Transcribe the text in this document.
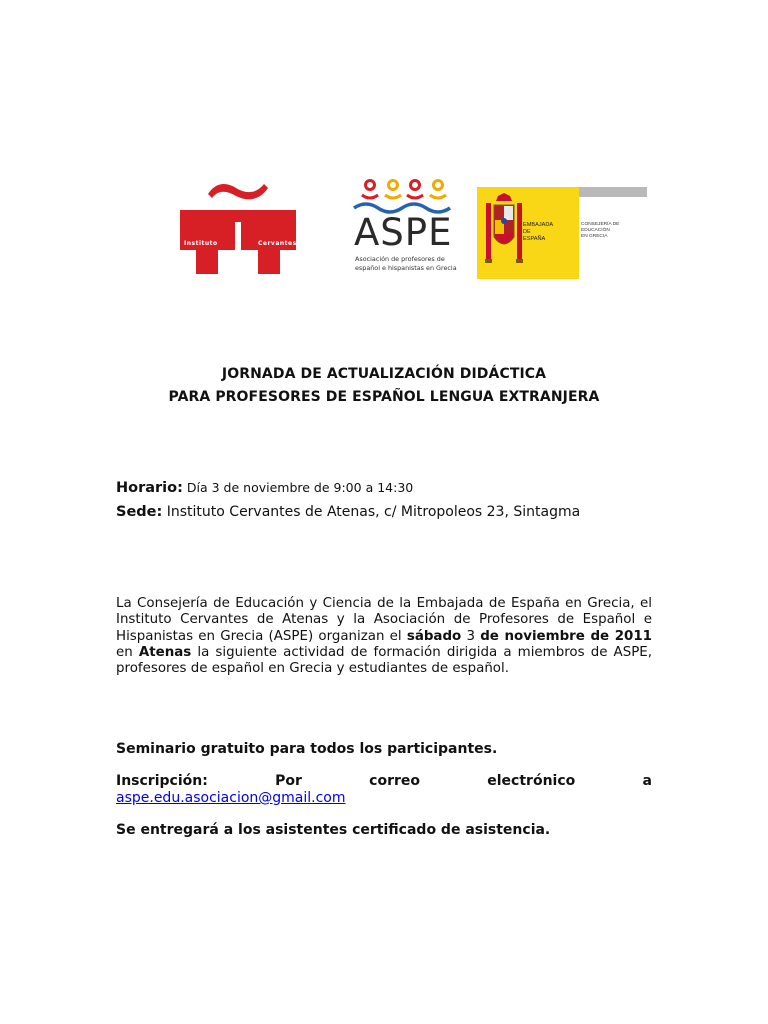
Instituto	Cervantes ASPE
Asociación de profesores de español e hispanistas en Grecia
EMBAJADA
DE
ESPAÑA
CONSEJERÍA DE EDUCACIÓN
EN GRECIA
JORNADA DE ACTUALIZACIÓN DIDÁCTICA
PARA PROFESORES DE ESPAÑOL LENGUA EXTRANJERA
Horario: Día 3 de noviembre de 9:00 a 14:30
Sede: Instituto Cervantes de Atenas, c/ Mitropoleos 23, Sintagma

La Consejería de Educación y Ciencia de la Embajada de España en Grecia, el Instituto Cervantes de Atenas y la Asociación de Profesores de Español e Hispanistas en Grecia (ASPE) organizan el sábado 3 de noviembre de 2011 en Atenas la siguiente actividad de formación dirigida a miembros de ASPE, profesores de español en Grecia y estudiantes de español.

Seminario gratuito para todos los participantes.
Inscripción:	Por	correo	electrónico	a
aspe.edu.asociacion@gmail.com
Se entregará a los asistentes certificado de asistencia.
